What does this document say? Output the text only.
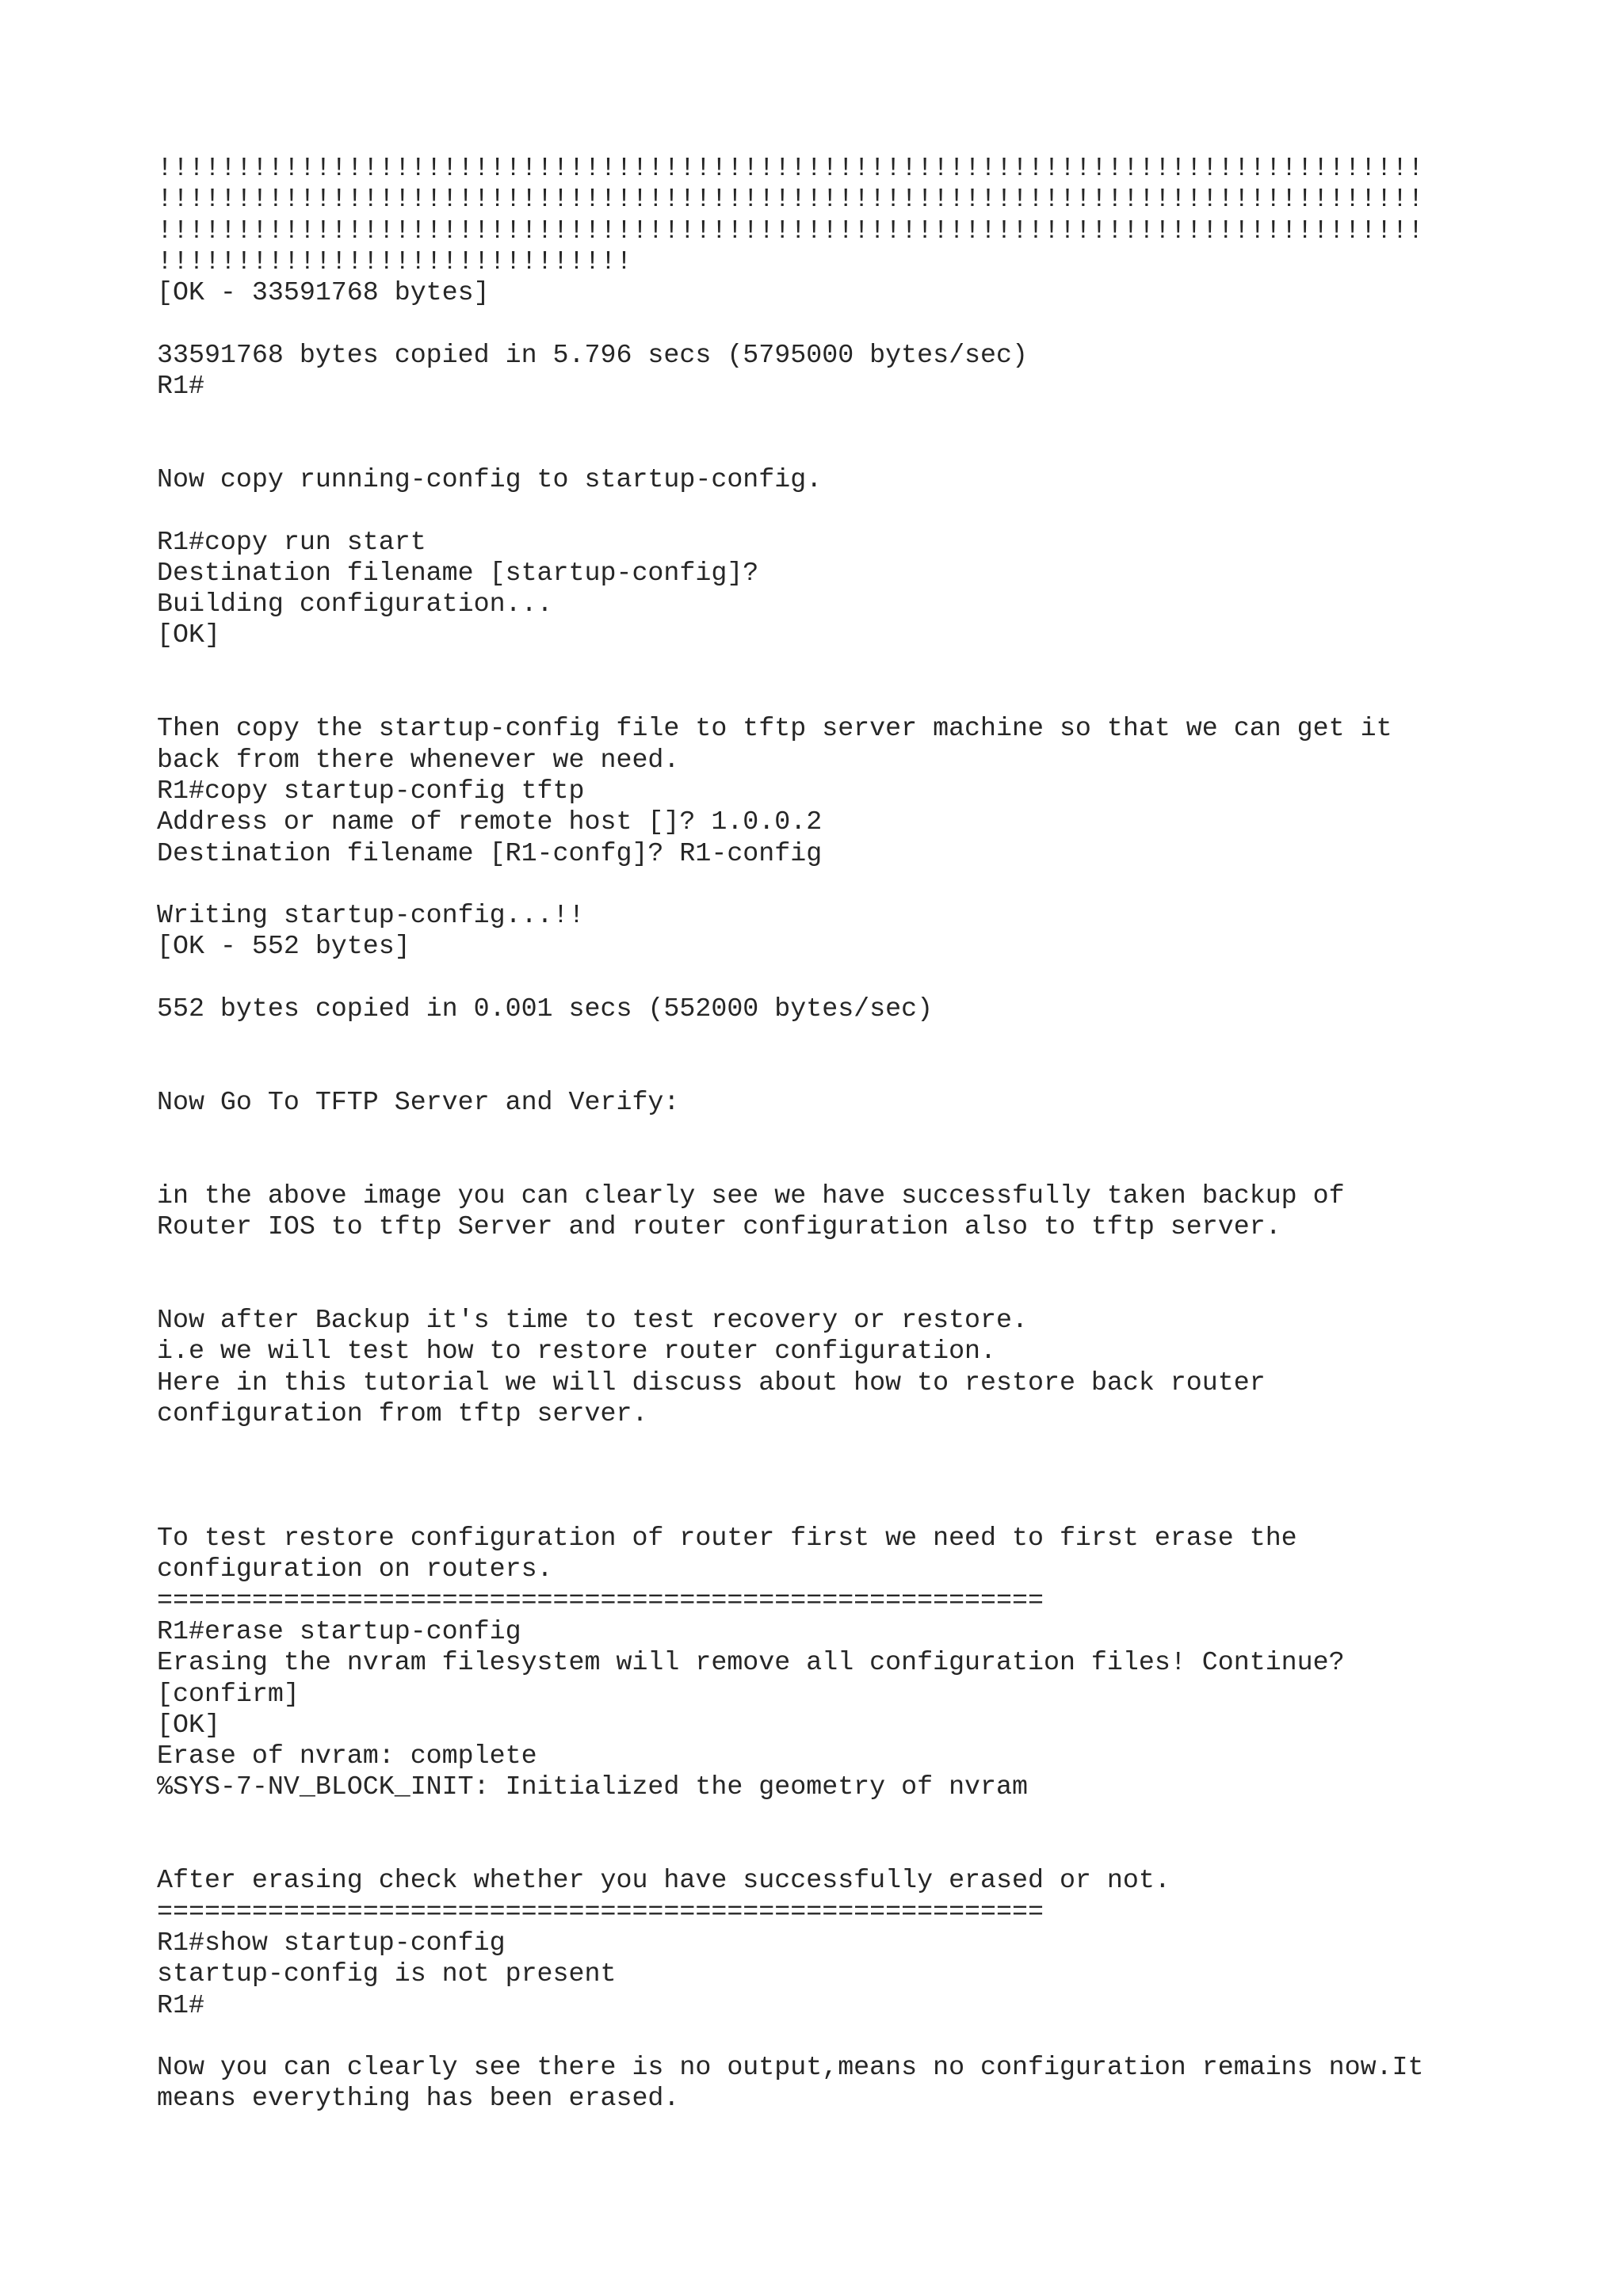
!!!!!!!!!!!!!!!!!!!!!!!!!!!!!!!!!!!!!!!!!!!!!!!!!!!!!!!!!!!!!!!!!!!!!!!!!!!!!!!!
!!!!!!!!!!!!!!!!!!!!!!!!!!!!!!!!!!!!!!!!!!!!!!!!!!!!!!!!!!!!!!!!!!!!!!!!!!!!!!!!
!!!!!!!!!!!!!!!!!!!!!!!!!!!!!!!!!!!!!!!!!!!!!!!!!!!!!!!!!!!!!!!!!!!!!!!!!!!!!!!!
!!!!!!!!!!!!!!!!!!!!!!!!!!!!!!
[OK - 33591768 bytes]
33591768 bytes copied in 5.796 secs (5795000 bytes/sec)
R1#
Now copy running-config to startup-config.
R1#copy run start
Destination filename [startup-config]?
Building configuration...
[OK]
Then copy the startup-config file to tftp server machine so that we can get it
back from there whenever we need.
R1#copy startup-config tftp
Address or name of remote host []? 1.0.0.2
Destination filename [R1-confg]? R1-config
Writing startup-config...!!
[OK - 552 bytes]
552 bytes copied in 0.001 secs (552000 bytes/sec)
Now Go To TFTP Server and Verify:
in the above image you can clearly see we have successfully taken backup of
Router IOS to tftp Server and router configuration also to tftp server.
Now after Backup it's time to test recovery or restore.
i.e we will test how to restore router configuration.
Here in this tutorial we will discuss about how to restore back router
configuration from tftp server.
To test restore configuration of router first we need to first erase the
configuration on routers.
========================================================
R1#erase startup-config
Erasing the nvram filesystem will remove all configuration files! Continue?
[confirm]
[OK]
Erase of nvram: complete
%SYS-7-NV_BLOCK_INIT: Initialized the geometry of nvram
After erasing check whether you have successfully erased or not.
========================================================
R1#show startup-config
startup-config is not present
R1#
Now you can clearly see there is no output,means no configuration remains now.It
means everything has been erased.
